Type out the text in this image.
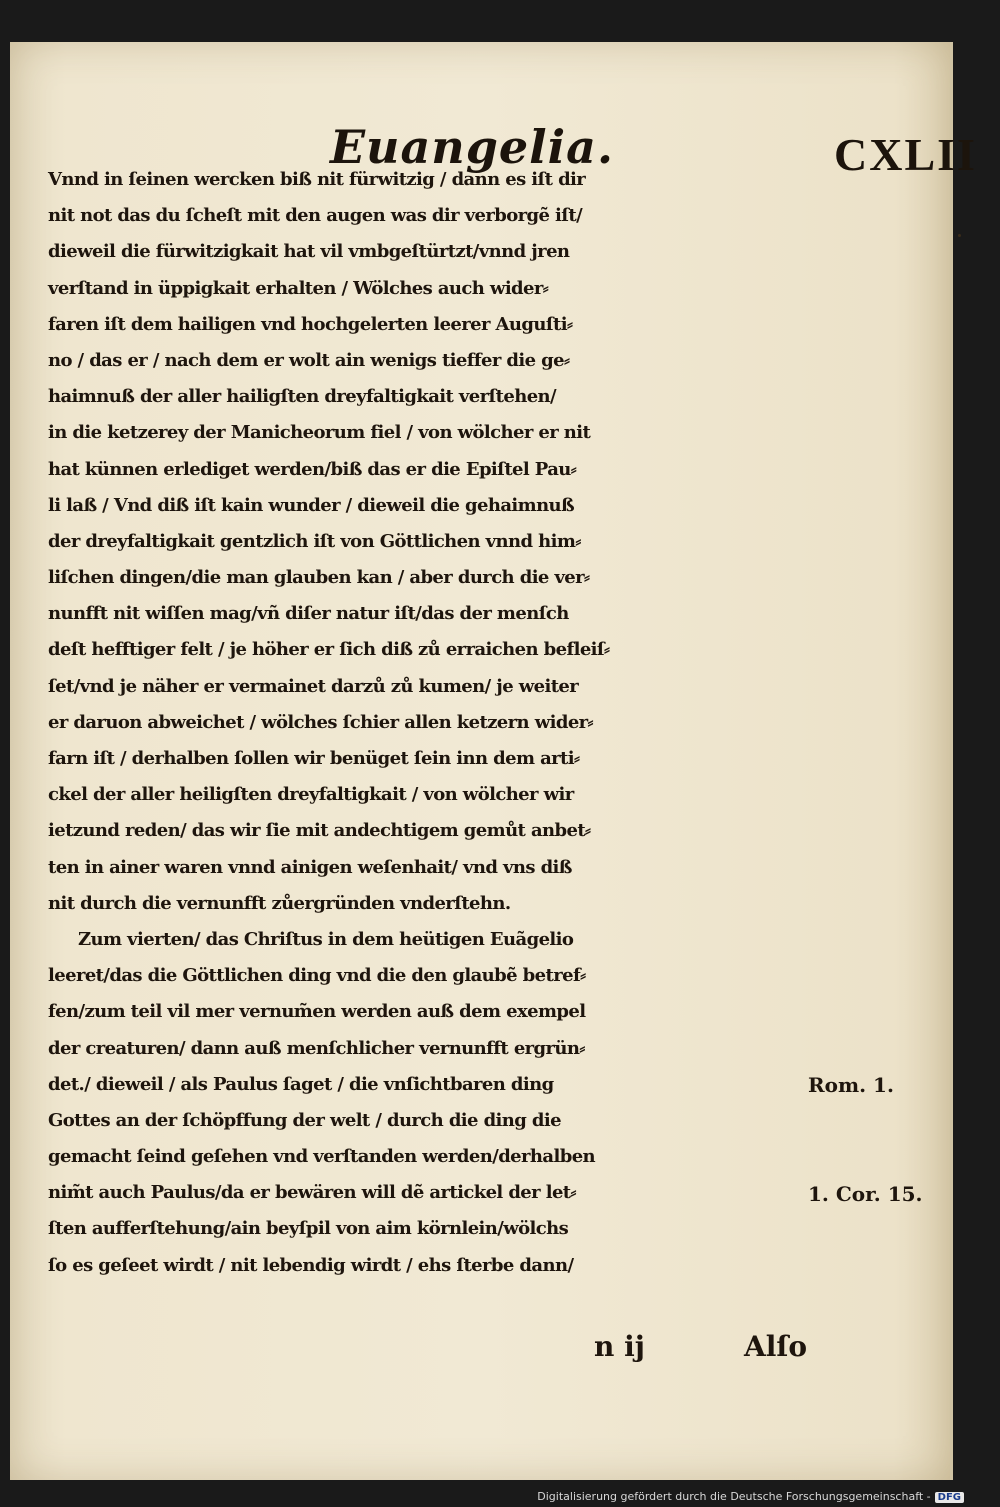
Euangelia.	CXLII
Vnnd in ſeinen wercken biß nit fürwitzig / dann es iſt dir
nit not das du ſcheſt mit den augen was dir verborgẽ iſt/
dieweil die fürwitzigkait hat vil vmbgeſtürtzt/vnnd jren
verſtand in üppigkait erhalten / Wölches auch wider⸗
faren iſt dem hailigen vnd hochgelerten leerer Auguſti⸗
no / das er / nach dem er wolt ain wenigs tieffer die ge⸗
haimnuß der aller hailigſten dreyfaltigkait verſtehen/
in die ketzerey der Manicheorum fiel / von wölcher er nit
hat künnen erlediget werden/biß das er die Epiſtel Pau⸗
li laß / Vnd diß iſt kain wunder / dieweil die gehaimnuß
der dreyfaltigkait gentzlich iſt von Göttlichen vnnd him⸗
liſchen dingen/die man glauben kan / aber durch die ver⸗
nunfft nit wiſſen mag/vñ diſer natur iſt/das der menſch
deſt hefftiger felt / je höher er ſich diß zů erraichen befleiſ⸗
ſet/vnd je näher er vermainet darzů zů kumen/ je weiter
er daruon abweichet / wölches ſchier allen ketzern wider⸗
farn iſt / derhalben ſollen wir benüget ſein inn dem arti⸗
ckel der aller heiligſten dreyfaltigkait / von wölcher wir
ietzund reden/ das wir ſie mit andechtigem gemůt anbet⸗
ten in ainer waren vnnd ainigen weſenhait/ vnd vns diß
nit durch die vernunfft zůergründen vnderſtehn.
Zum vierten/ das Chriſtus in dem heütigen Euãgelio
leeret/das die Göttlichen ding vnd die den glaubẽ betref⸗
fen/zum teil vil mer vernum̃en werden auß dem exempel
der creaturen/ dann auß menſchlicher vernunfft ergrün⸗
det./ dieweil / als Paulus ſaget / die vnſichtbaren ding
Gottes an der ſchöpffung der welt / durch die ding die
gemacht ſeind geſehen vnd verſtanden werden/derhalben
nim̃t auch Paulus/da er bewären will dẽ artickel der let⸗
ſten aufferſtehung/ain beyſpil von aim körnlein/wölchs
ſo es geſeet wirdt / nit lebendig wirdt / ehs ſterbe dann/
n ij	Alſo
Rom. 1.
1. Cor. 15.
Digitalisierung gefördert durch die Deutsche Forschungsgemeinschaft - DFG
